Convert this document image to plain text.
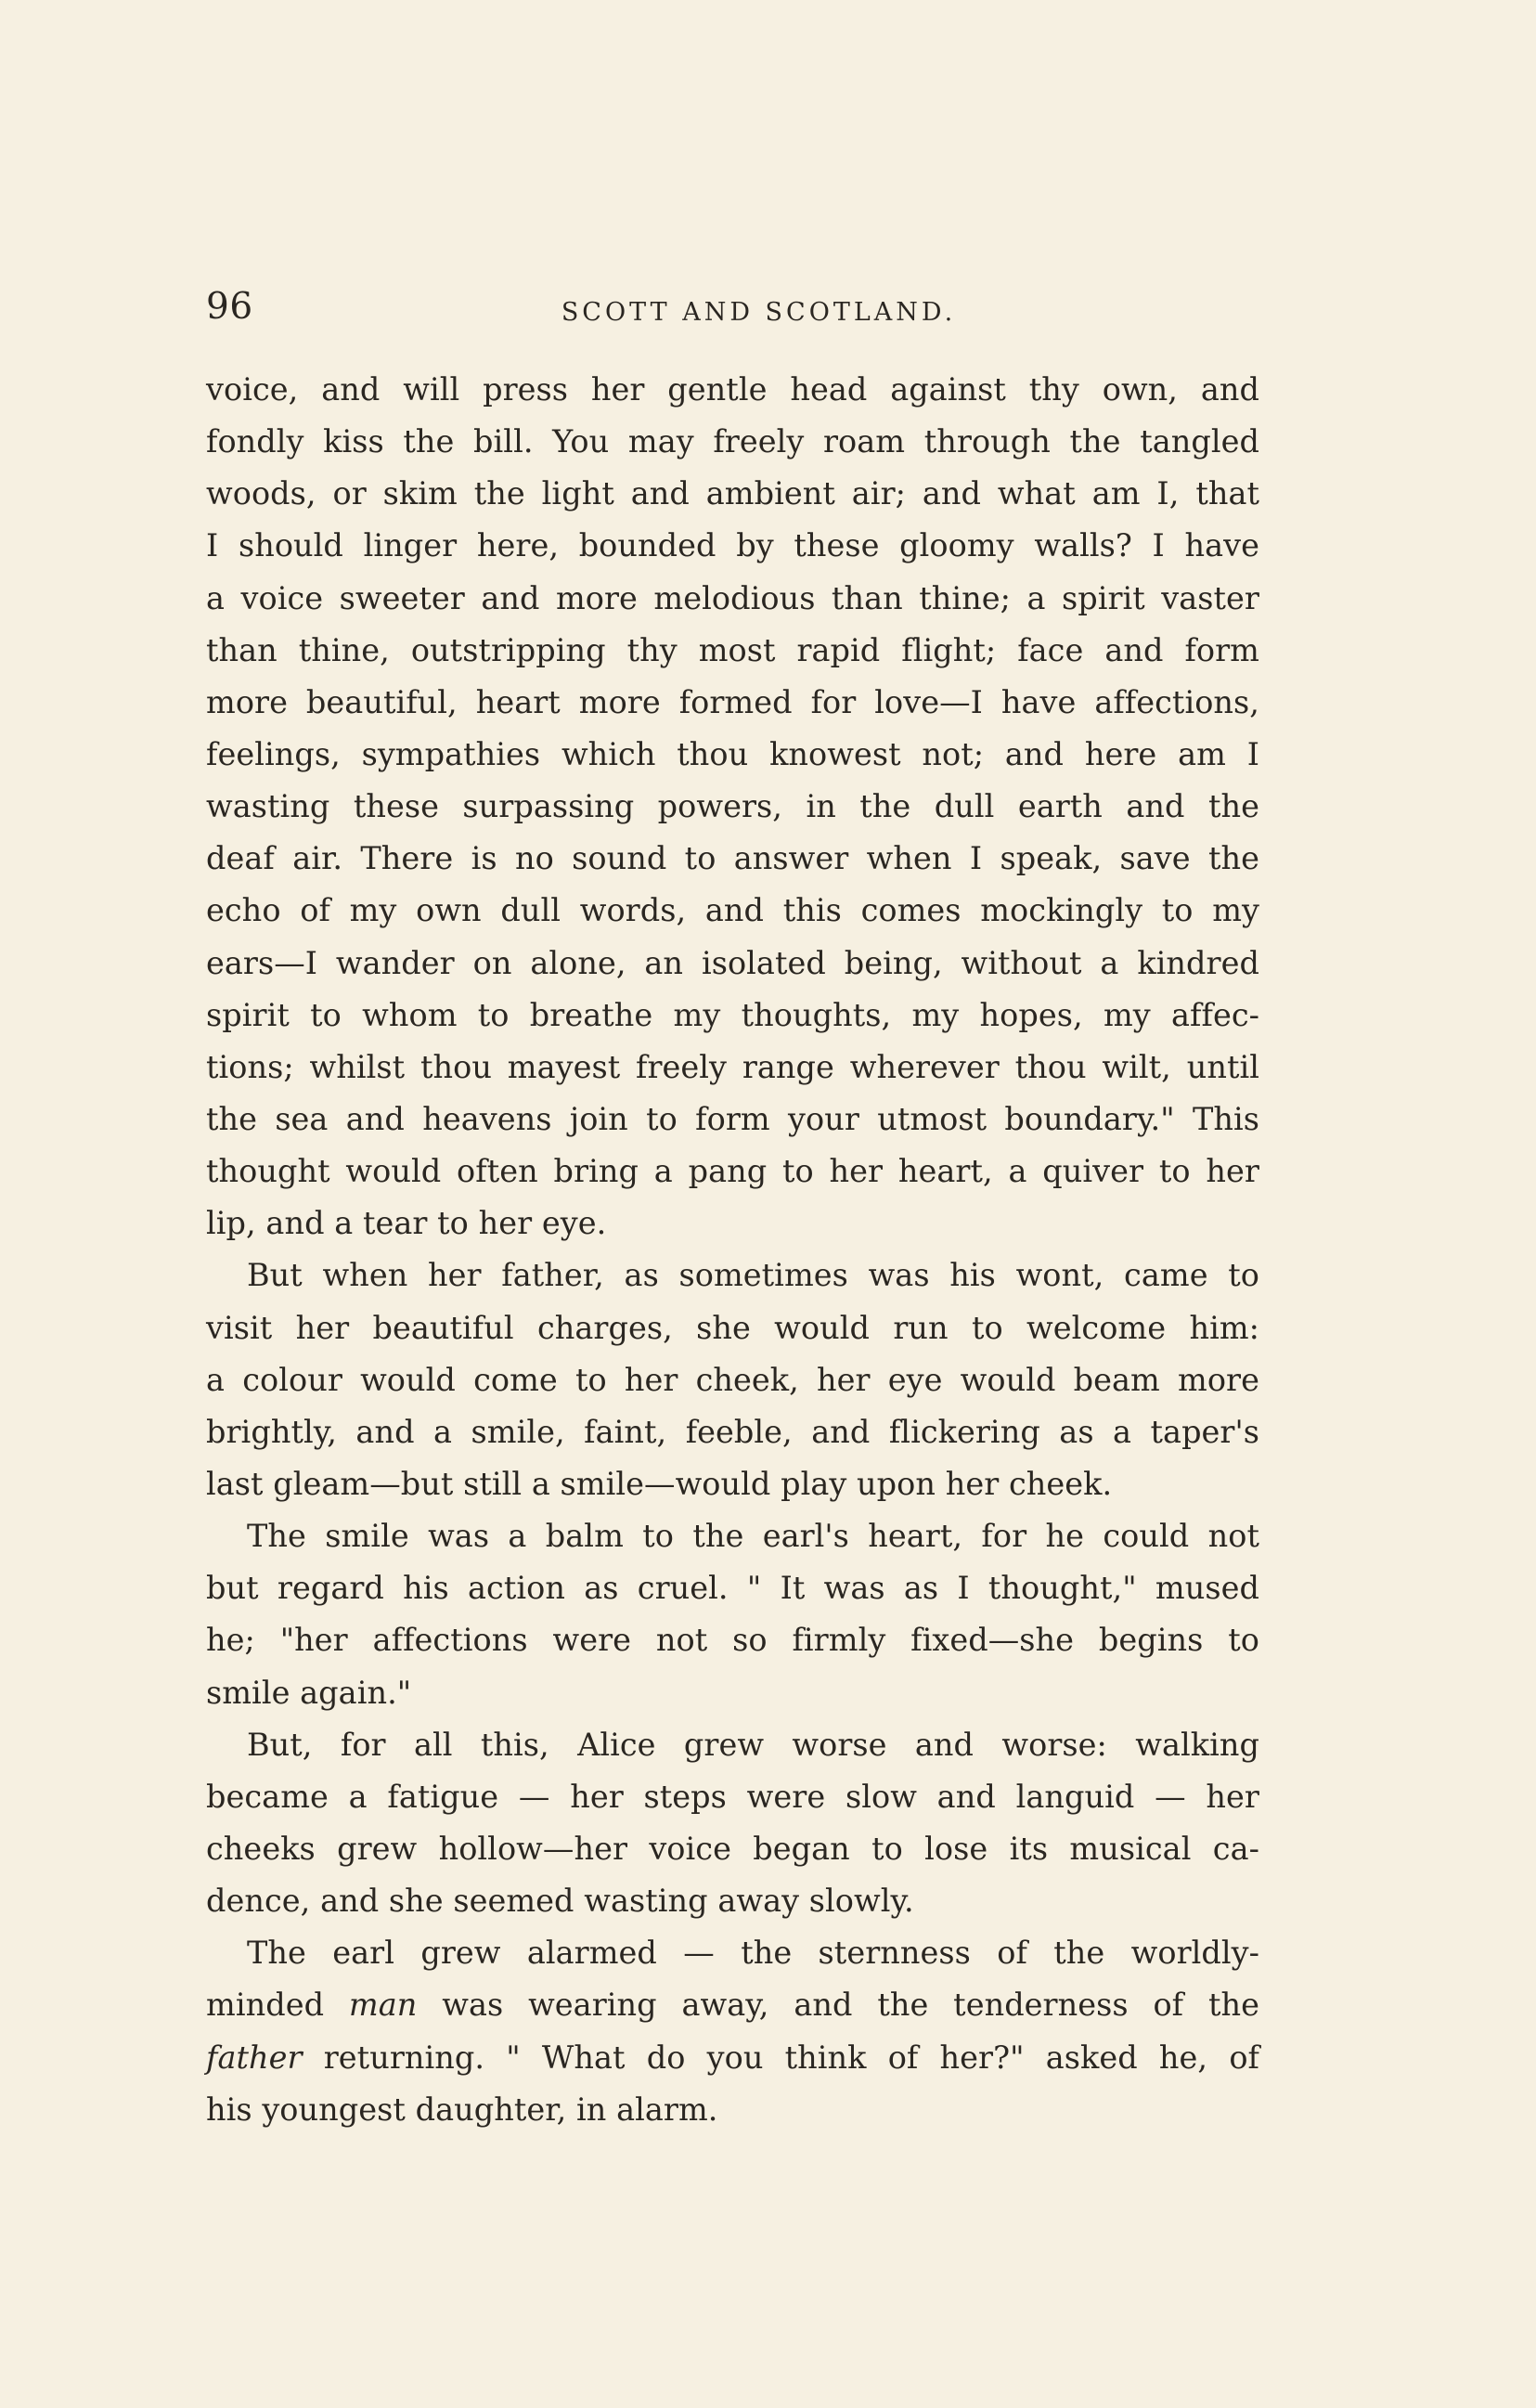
96	SCOTT AND SCOTLAND.
voice, and will press her gentle head against thy own, and
fondly kiss the bill. You may freely roam through the tangled
woods, or skim the light and ambient air; and what am I, that
I should linger here, bounded by these gloomy walls? I have
a voice sweeter and more melodious than thine; a spirit vaster
than thine, outstripping thy most rapid flight; face and form
more beautiful, heart more formed for love—I have affections,
feelings, sympathies which thou knowest not; and here am I
wasting these surpassing powers, in the dull earth and the
deaf air. There is no sound to answer when I speak, save the
echo of my own dull words, and this comes mockingly to my
ears—I wander on alone, an isolated being, without a kindred
spirit to whom to breathe my thoughts, my hopes, my affec-
tions; whilst thou mayest freely range wherever thou wilt, until
the sea and heavens join to form your utmost boundary." This
thought would often bring a pang to her heart, a quiver to her
lip, and a tear to her eye.
But when her father, as sometimes was his wont, came to
visit her beautiful charges, she would run to welcome him:
a colour would come to her cheek, her eye would beam more
brightly, and a smile, faint, feeble, and flickering as a taper's
last gleam—but still a smile—would play upon her cheek.
The smile was a balm to the earl's heart, for he could not
but regard his action as cruel. " It was as I thought," mused
he; "her affections were not so firmly fixed—she begins to
smile again."
But, for all this, Alice grew worse and worse: walking
became a fatigue — her steps were slow and languid — her
cheeks grew hollow—her voice began to lose its musical ca-
dence, and she seemed wasting away slowly.
The earl grew alarmed — the sternness of the worldly-
minded man was wearing away, and the tenderness of the
father returning. " What do you think of her?" asked he, of
his youngest daughter, in alarm.
